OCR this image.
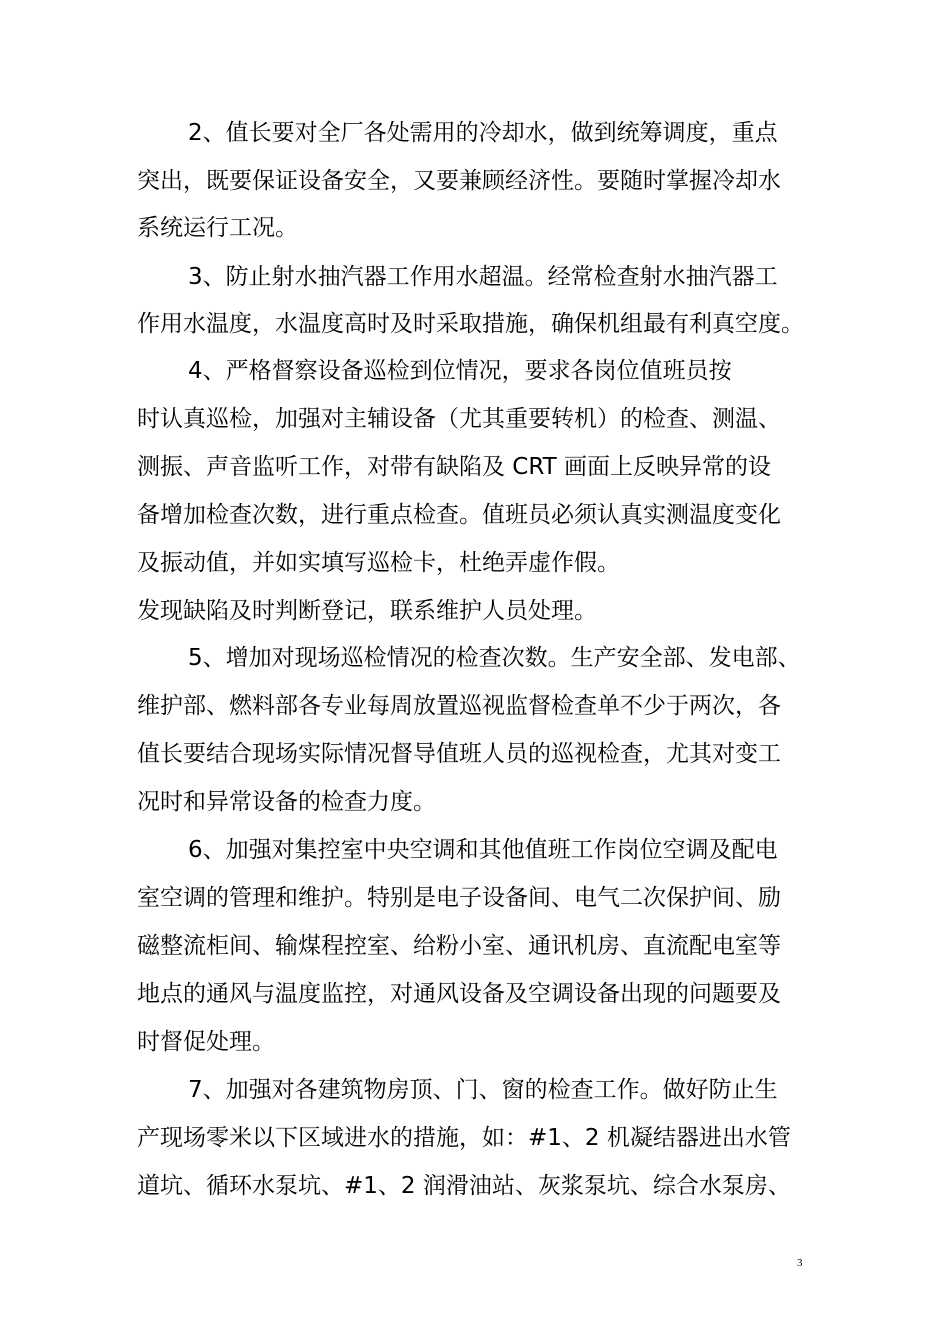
2、值长要对全厂各处需用的冷却水，做到统筹调度，重点

突出，既要保证设备安全，又要兼顾经济性。要随时掌握冷却水

系统运行工况。

3、防止射水抽汽器工作用水超温。经常检查射水抽汽器工

作用水温度，水温度高时及时采取措施，确保机组最有利真空度。

4、严格督察设备巡检到位情况，要求各岗位值班员按

时认真巡检，加强对主辅设备（尤其重要转机）的检查、测温、

测振、声音监听工作，对带有缺陷及 CRT 画面上反映异常的设

备增加检查次数，进行重点检查。值班员必须认真实测温度变化

及振动值，并如实填写巡检卡，杜绝弄虚作假。

发现缺陷及时判断登记，联系维护人员处理。

5、增加对现场巡检情况的检查次数。生产安全部、发电部、

维护部、燃料部各专业每周放置巡视监督检查单不少于两次，各

值长要结合现场实际情况督导值班人员的巡视检查，尤其对变工

况时和异常设备的检查力度。

6、加强对集控室中央空调和其他值班工作岗位空调及配电

室空调的管理和维护。特别是电子设备间、电气二次保护间、励

磁整流柜间、输煤程控室、给粉小室、通讯机房、直流配电室等

地点的通风与温度监控，对通风设备及空调设备出现的问题要及

时督促处理。

7、加强对各建筑物房顶、门、窗的检查工作。做好防止生

产现场零米以下区域进水的措施，如：#1、2 机凝结器进出水管

道坑、循环水泵坑、#1、2 润滑油站、灰浆泵坑、综合水泵房、

3
